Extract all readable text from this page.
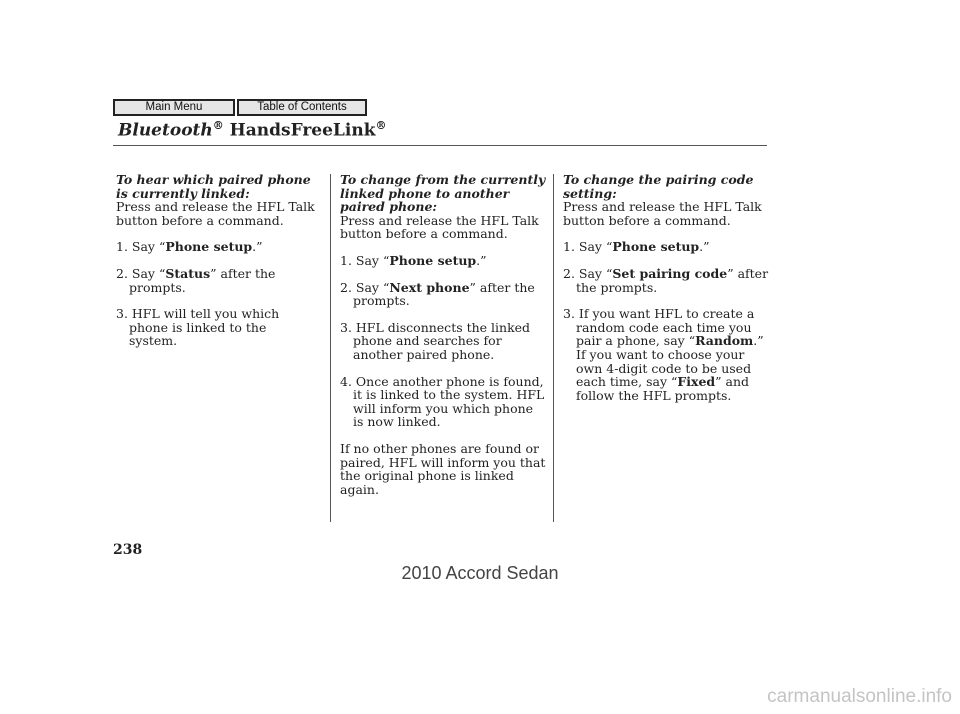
Main Menu	Table of Contents
Bluetooth® HandsFreeLink®

To hear which paired phone is currently linked:

Press and release the HFL Talk button before a command.

1. Say “Phone setup.”

2. Say “Status” after the prompts.

3. HFL will tell you which phone is linked to the system.

To change from the currently linked phone to another paired phone:

Press and release the HFL Talk button before a command.

1. Say “Phone setup.”

2. Say “Next phone” after the prompts.

3. HFL disconnects the linked phone and searches for another paired phone.

4. Once another phone is found, it is linked to the system. HFL will inform you which phone is now linked.

If no other phones are found or paired, HFL will inform you that the original phone is linked again.

To change the pairing code setting:

Press and release the HFL Talk button before a command.

1. Say “Phone setup.”

2. Say “Set pairing code” after the prompts.

3. If you want HFL to create a random code each time you pair a phone, say “Random.” If you want to choose your own 4-digit code to be used each time, say “Fixed” and follow the HFL prompts.

238
2010 Accord Sedan
carmanualsonline.info
